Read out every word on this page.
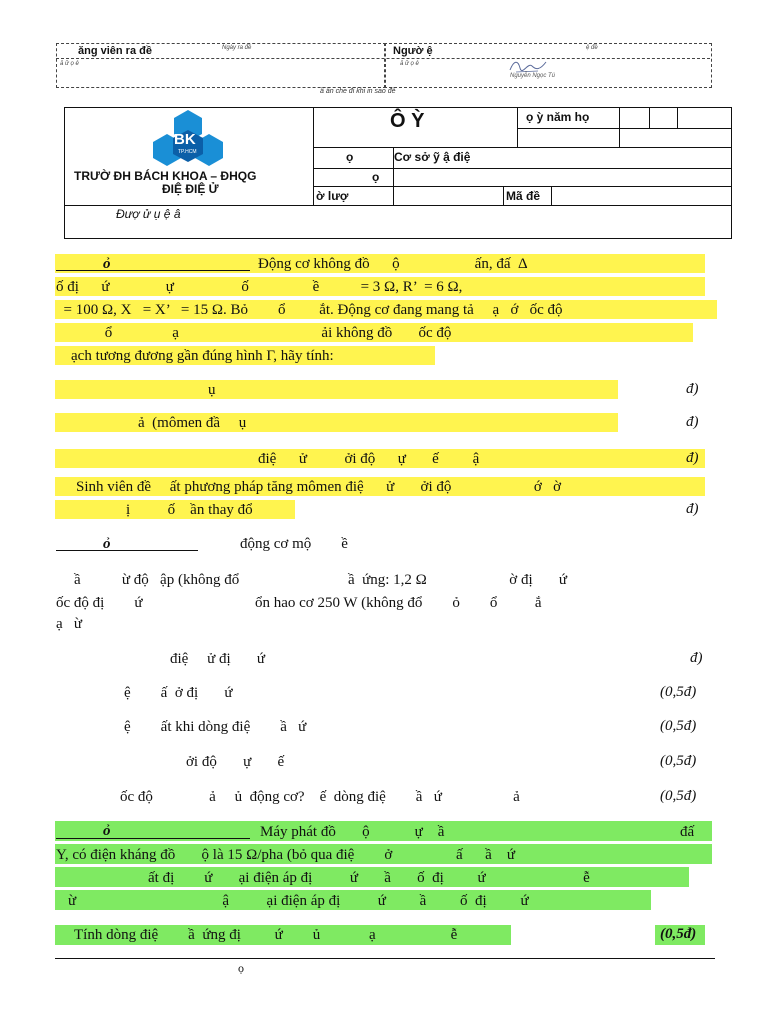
ăng viên ra đề	Ngày ra đề
ă ữ ọ ê
Ngườ ệ	ệ đề
ă ữ ọ ê
Nguyễn Ngọc Tú
ầ ần che đi khi in sao đề
BK
TP.HCM
TRƯỜ ĐH BÁCH KHOA – ĐHQG
ĐIỆ ĐIỆ Ử
Ô Ỳ	ọ ỳ năm họ
ọ	Cơ sở ỹ ậ điệ
ọ
ờ lượ	Mã đề
Đượ ử ụ ệ â
ỏ	Động cơ không đồ      ộ                    ấn, đấ  Δ
ố đị      ứ               ự                  ố                 ề           = 3 Ω, R’  = 6 Ω,
= 100 Ω, X   = X’   = 15 Ω. Bỏ        ổ         ắt. Động cơ đang mang tả     ạ   ớ   ốc độ
ổ                ạ                                      ải không đồ       ốc độ
ạch tương đương gần đúng hình Γ, hãy tính:
ụ	đ)
ả  (mômen đầ     ụ	đ)
điệ      ử          ởi độ      ự       ế         ậ	đ)
Sinh viên đề     ất phương pháp tăng mômen điệ      ử       ởi độ                      ớ   ờ
ị          ố    ần thay đổ	đ)
ỏ	động cơ mộ        ề
ầ           ừ độ   ập (không đổ                             ầ  ứng: 1,2 Ω                      ờ đị       ứ
ốc độ đị        ứ                              ổn hao cơ 250 W (không đổ        ỏ        ổ          ắ
ạ   ừ
điệ     ử đị       ứ	đ)
ệ        ấ  ở đị       ứ	(0,5đ)
ệ        ất khi dòng điệ        ầ   ứ	(0,5đ)
ởi độ       ự       ế	(0,5đ)
ốc độ               ả     ủ  động cơ?    ế  dòng điệ        ầ   ứ                   ả	(0,5đ)
ỏ	Máy phát đồ       ộ            ự    ầ	đấ
Y, có điện kháng đồ       ộ là 15 Ω/pha (bỏ qua điệ        ở                 ấ      ầ    ứ
ất đị        ứ       ại điện áp đị          ứ       ầ       ố  đị         ứ                          ễ
ừ                                       ậ          ại điện áp đị          ứ         ầ         ố  đị         ứ
Tính dòng điệ        ầ  ứng đị         ứ        ủ             ạ                    ễ	(0,5đ)
ọ
